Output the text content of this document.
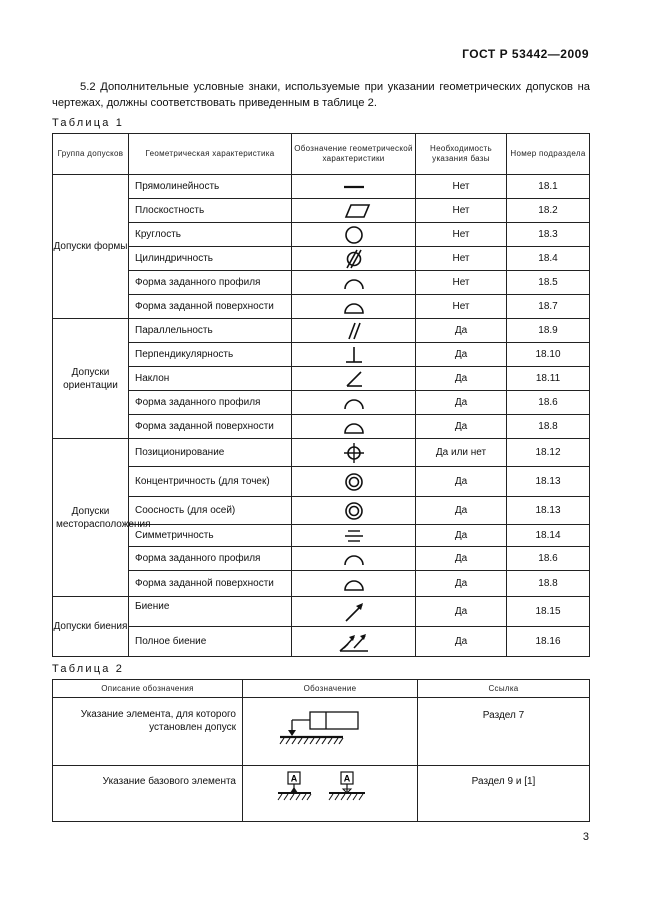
ГОСТ Р 53442—2009
5.2 Дополнительные условные знаки, используемые при указании геометрических допусков на чертежах, должны соответствовать приведенным в таблице 2.
Таблица 1
Группа допусков	Геометрическая характеристика	Обозначение геометрической характеристики	Необходимость указания базы	Номер подраздела
Допуски формы	Прямолинейность		Нет	18.1
	Плоскостность		Нет	18.2
	Круглость		Нет	18.3
	Цилиндричность		Нет	18.4
	Форма заданного профиля		Нет	18.5
	Форма заданной поверхности		Нет	18.7
Допуски ориентации	Параллельность		Да	18.9
	Перпендикулярность		Да	18.10
	Наклон		Да	18.11
	Форма заданного профиля		Да	18.6
	Форма заданной поверхности		Да	18.8
Допуски месторасположения	Позиционирование		Да или нет	18.12
	Концентричность (для точек)		Да	18.13
	Соосность (для осей)		Да	18.13
	Симметричность		Да	18.14
	Форма заданного профиля		Да	18.6
	Форма заданной поверхности		Да	18.8
Допуски биения	Биение		Да	18.15
	Полное биение		Да	18.16
Таблица 2
Описание обозначения	Обозначение	Ссылка
Указание элемента, для которого установлен допуск		Раздел 7
Указание базового элемента	A A	Раздел 9 и [1]
3
